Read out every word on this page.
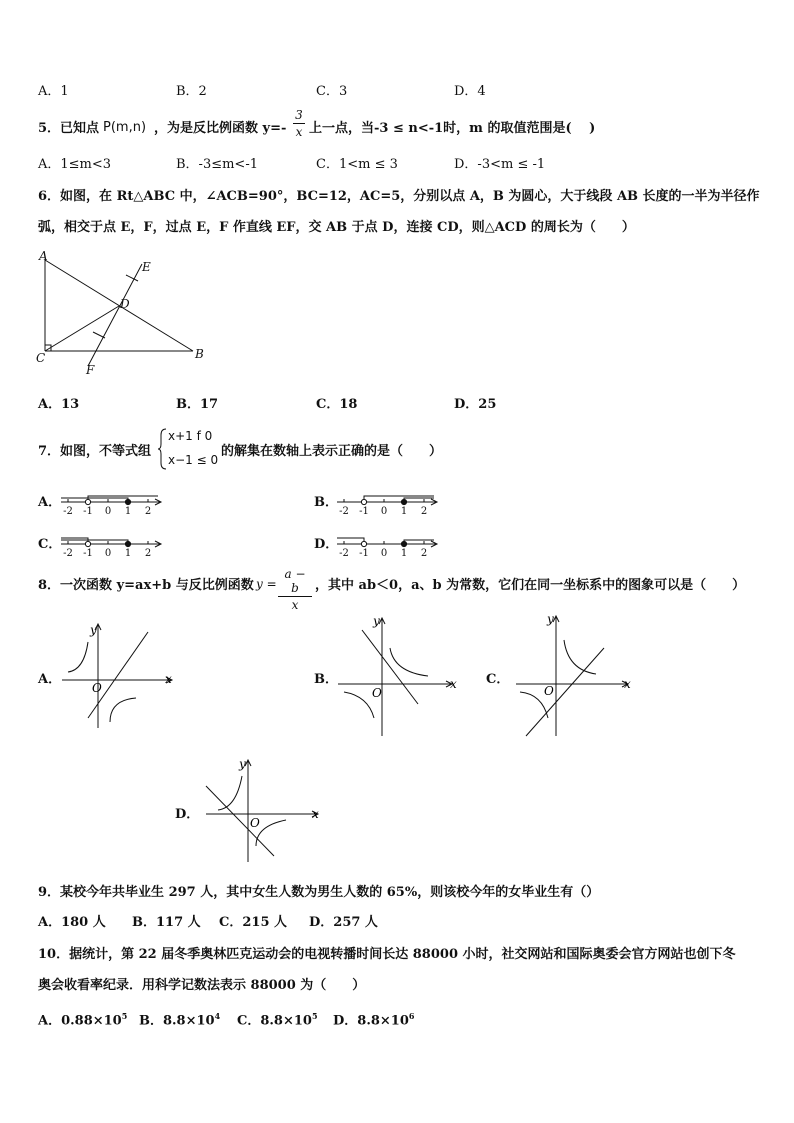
A．1	B．2	C．3	D．4
5．已知点 P(m,n) ，为是反比例函数 $y=- \frac{3}{x}$ 上一点，当-3 ≤ n<-1时，m 的取值范围是(　 )
A．1≤m<3	B．-3≤m<-1	C．1<m ≤ 3	D．-3<m ≤ -1
6．如图，在 Rt△ABC 中，∠ACB=90°，BC=12，AC=5，分别以点 A，B 为圆心，大于线段 AB 长度的一半为半径作
弧，相交于点 E，F，过点 E，F 作直线 EF，交 AB 于点 D，连接 CD，则△ACD 的周长为（　　）
A
E
D
C	B
F
A．13	B．17	C．18	D．25
7．如图，不等式组
x+1 f 0
x−1 ≤ 0
的解集在数轴上表示正确的是（　　）
A．	B．
C．	D．
-2 -1 0 1 2	-2 -1 0 1 2
-2 -1 0 1 2	-2 -1 0 1 2
8．一次函数 y=ax+b 与反比例函数 $y = \frac{a - b}{x}$ ，其中 ab＜0，a、b 为常数，它们在同一坐标系中的图象可以是（　　）
A．	B．	C．
D．
O
x
y
O
x
y
O	x
y
O
x
y
9．某校今年共毕业生 297 人，其中女生人数为男生人数的 65%，则该校今年的女毕业生有（）
A．180 人 B．117 人 C．215 人 D．257 人
10．据统计，第 22 届冬季奥林匹克运动会的电视转播时间长达 88000 小时，社交网站和国际奥委会官方网站也创下冬
奥会收看率纪录．用科学记数法表示 88000 为（　　）
A．$0.88\times 10^5$ B．$8.8\times 10^4$ C．$8.8\times 10^5$ D．$8.8\times 10^6$
